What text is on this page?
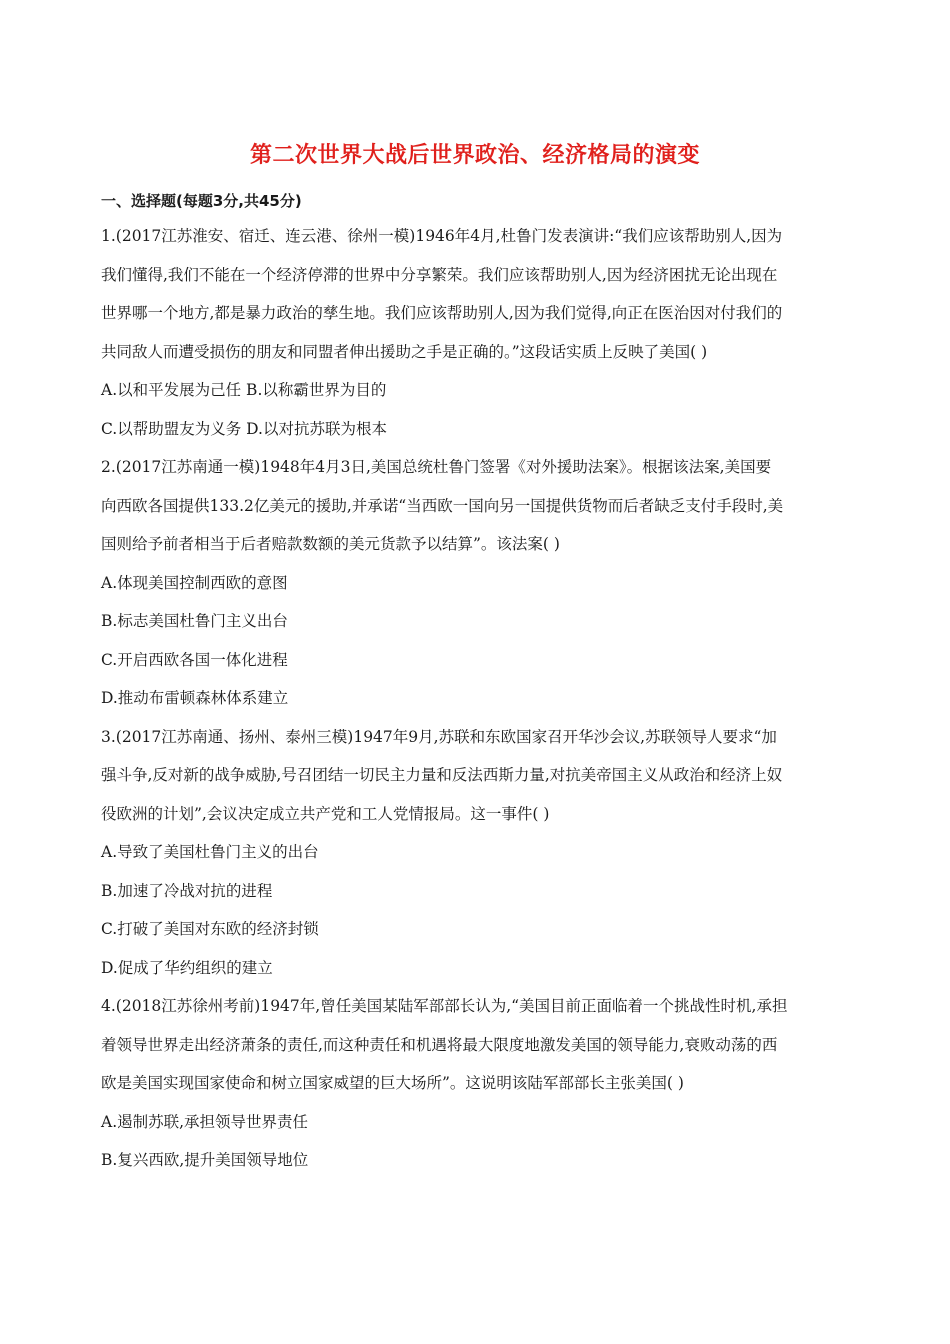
第二次世界大战后世界政治、经济格局的演变
一、选择题(每题3分,共45分)
1.(2017江苏淮安、宿迁、连云港、徐州一模)1946年4月,杜鲁门发表演讲:“我们应该帮助别人,因为
我们懂得,我们不能在一个经济停滞的世界中分享繁荣。我们应该帮助别人,因为经济困扰无论出现在
世界哪一个地方,都是暴力政治的孳生地。我们应该帮助别人,因为我们觉得,向正在医治因对付我们的
共同敌人而遭受损伤的朋友和同盟者伸出援助之手是正确的。”这段话实质上反映了美国( )
A.以和平发展为己任 B.以称霸世界为目的
C.以帮助盟友为义务 D.以对抗苏联为根本
2.(2017江苏南通一模)1948年4月3日,美国总统杜鲁门签署《对外援助法案》。根据该法案,美国要
向西欧各国提供133.2亿美元的援助,并承诺“当西欧一国向另一国提供货物而后者缺乏支付手段时,美
国则给予前者相当于后者赔款数额的美元货款予以结算”。该法案( )
A.体现美国控制西欧的意图
B.标志美国杜鲁门主义出台
C.开启西欧各国一体化进程
D.推动布雷顿森林体系建立
3.(2017江苏南通、扬州、泰州三模)1947年9月,苏联和东欧国家召开华沙会议,苏联领导人要求“加
强斗争,反对新的战争威胁,号召团结一切民主力量和反法西斯力量,对抗美帝国主义从政治和经济上奴
役欧洲的计划”,会议决定成立共产党和工人党情报局。这一事件( )
A.导致了美国杜鲁门主义的出台
B.加速了冷战对抗的进程
C.打破了美国对东欧的经济封锁
D.促成了华约组织的建立
4.(2018江苏徐州考前)1947年,曾任美国某陆军部部长认为,“美国目前正面临着一个挑战性时机,承担
着领导世界走出经济萧条的责任,而这种责任和机遇将最大限度地激发美国的领导能力,衰败动荡的西
欧是美国实现国家使命和树立国家威望的巨大场所”。这说明该陆军部部长主张美国( )
A.遏制苏联,承担领导世界责任
B.复兴西欧,提升美国领导地位
